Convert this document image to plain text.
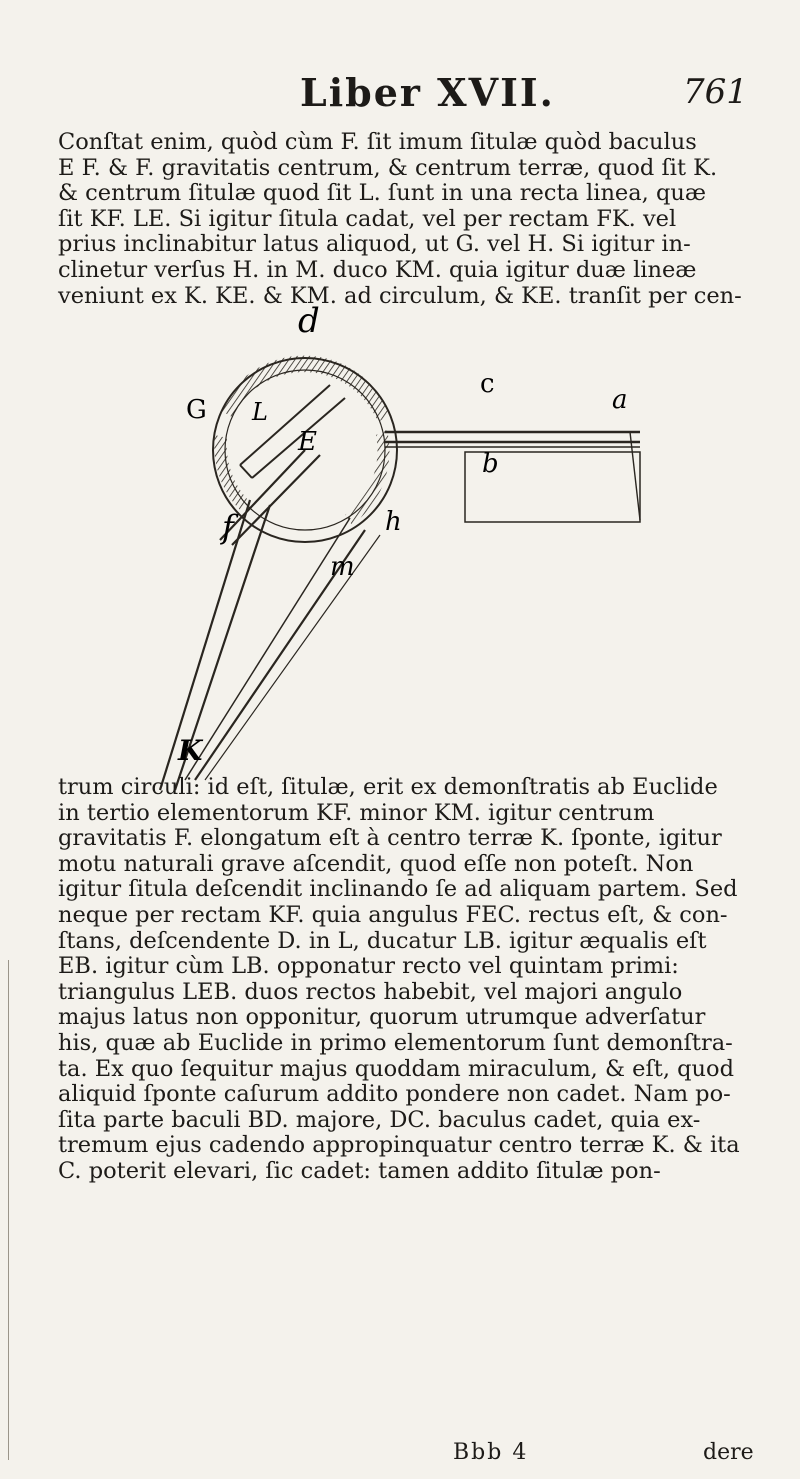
Liber XVII.	761
Conſtat enim, quòd cùm F. ſit imum ſitulæ quòd baculus
E F. & F. gravitatis centrum, & centrum terræ, quod ſit K.
& centrum ſitulæ quod ſit L. ſunt in una recta linea, quæ
ſit KF. LE. Si igitur ſitula cadat, vel per rectam FK. vel
prius inclinabitur latus aliquod, ut G. vel H. Si igitur in-
clinetur verſus H. in M. duco KM. quia igitur duæ lineæ
veniunt ex K. KE. & KM. ad circulum, & KE. tranſit per cen-
d
c
a
G L
E
b
f	h
m
K
trum circuli: id eſt, ſitulæ, erit ex demonſtratis ab Euclide
in tertio elementorum KF. minor KM. igitur centrum
gravitatis F. elongatum eſt à centro terræ K. ſponte, igitur
motu naturali grave aſcendit, quod eſſe non poteſt. Non
igitur ſitula deſcendit inclinando ſe ad aliquam partem. Sed
neque per rectam KF. quia angulus FEC. rectus eſt, & con-
ſtans, deſcendente D. in L, ducatur LB. igitur æqualis eſt
EB. igitur cùm LB. opponatur recto vel quintam primi:
triangulus LEB. duos rectos habebit, vel majori angulo
majus latus non opponitur, quorum utrumque adverſatur
his, quæ ab Euclide in primo elementorum ſunt demonſtra-
ta. Ex quo ſequitur majus quoddam miraculum, & eſt, quod
aliquid ſponte caſurum addito pondere non cadet. Nam po-
ſita parte baculi BD. majore, DC. baculus cadet, quia ex-
tremum ejus cadendo appropinquatur centro terræ K. & ita
C. poterit elevari, ſic cadet: tamen addito ſitulæ pon-
Bbb 4	dere
